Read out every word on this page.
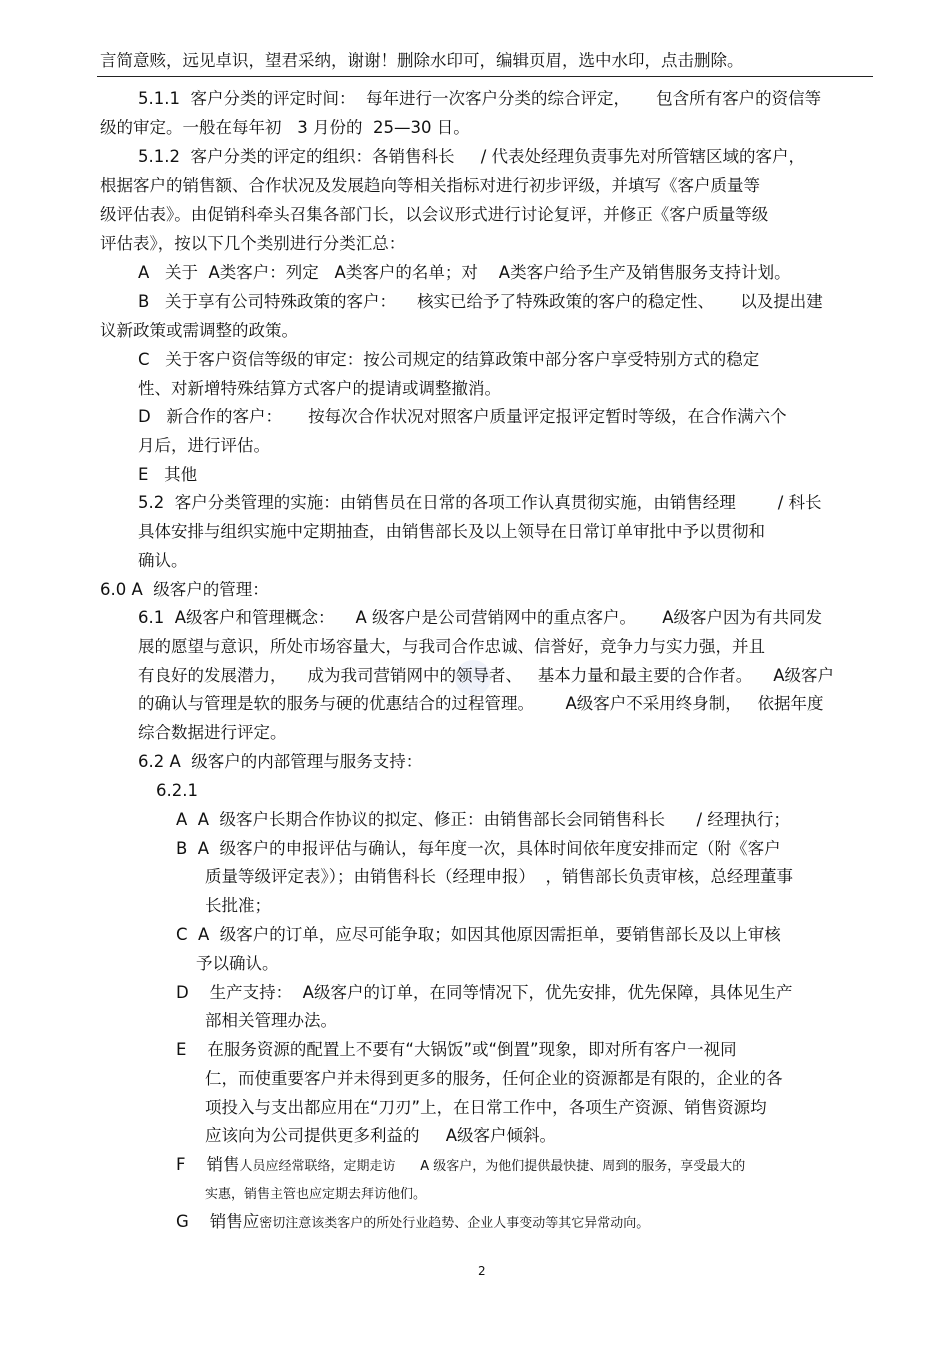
言简意赅，远见卓识，望君采纳，谢谢！删除水印可，编辑页眉，选中水印，点击删除。
5.1.1  客户分类的评定时间：  每年进行一次客户分类的综合评定，     包含所有客户的资信等
级的审定。一般在每年初   3 月份的  25—30 日。
5.1.2  客户分类的评定的组织：各销售科长     / 代表处经理负责事先对所管辖区域的客户，
根据客户的销售额、合作状况及发展趋向等相关指标对进行初步评级，并填写《客户质量等
级评估表》。由促销科牵头召集各部门长，以会议形式进行讨论复评，并修正《客户质量等级
评估表》，按以下几个类别进行分类汇总：
A   关于  A类客户：列定   A类客户的名单；对    A类客户给予生产及销售服务支持计划。
B   关于享有公司特殊政策的客户：    核实已给予了特殊政策的客户的稳定性、     以及提出建
议新政策或需调整的政策。
C   关于客户资信等级的审定：按公司规定的结算政策中部分客户享受特别方式的稳定
性、对新增特殊结算方式客户的提请或调整撤消。
D   新合作的客户：     按每次合作状况对照客户质量评定报评定暂时等级，在合作满六个
月后，进行评估。
E   其他
5.2  客户分类管理的实施：由销售员在日常的各项工作认真贯彻实施，由销售经理        / 科长
具体安排与组织实施中定期抽查，由销售部长及以上领导在日常订单审批中予以贯彻和
确认。
6.0 A  级客户的管理：
6.1  A级客户和管理概念：    A 级客户是公司营销网中的重点客户。     A级客户因为有共同发
展的愿望与意识，所处市场容量大，与我司合作忠诚、信誉好，竞争力与实力强，并且
有良好的发展潜力，    成为我司营销网中的领导者、   基本力量和最主要的合作者。    A级客户
的确认与管理是软的服务与硬的优惠结合的过程管理。      A级客户不采用终身制，   依据年度
综合数据进行评定。
6.2 A  级客户的内部管理与服务支持：
6.2.1
A  A  级客户长期合作协议的拟定、修正：由销售部长会同销售科长      / 经理执行；
B  A  级客户的申报评估与确认，每年度一次，具体时间依年度安排而定（附《客户
质量等级评定表》）；由销售科长（经理申报）  ，销售部长负责审核，总经理董事
长批准；
C  A  级客户的订单，应尽可能争取；如因其他原因需拒单，要销售部长及以上审核
予以确认。
D    生产支持：  A级客户的订单，在同等情况下，优先安排，优先保障，具体见生产
部相关管理办法。
E    在服务资源的配置上不要有“大锅饭”或“倒置”现象，即对所有客户一视同
仁，而使重要客户并未得到更多的服务，任何企业的资源都是有限的，企业的各
项投入与支出都应用在“刀刃”上，在日常工作中，各项生产资源、销售资源均
应该向为公司提供更多利益的     A级客户倾斜。
F    销售人员应经常联络，定期走访      A 级客户，为他们提供最快捷、周到的服务，享受最大的
实惠，销售主管也应定期去拜访他们。
G    销售应密切注意该类客户的所处行业趋势、企业人事变动等其它异常动向。
2
